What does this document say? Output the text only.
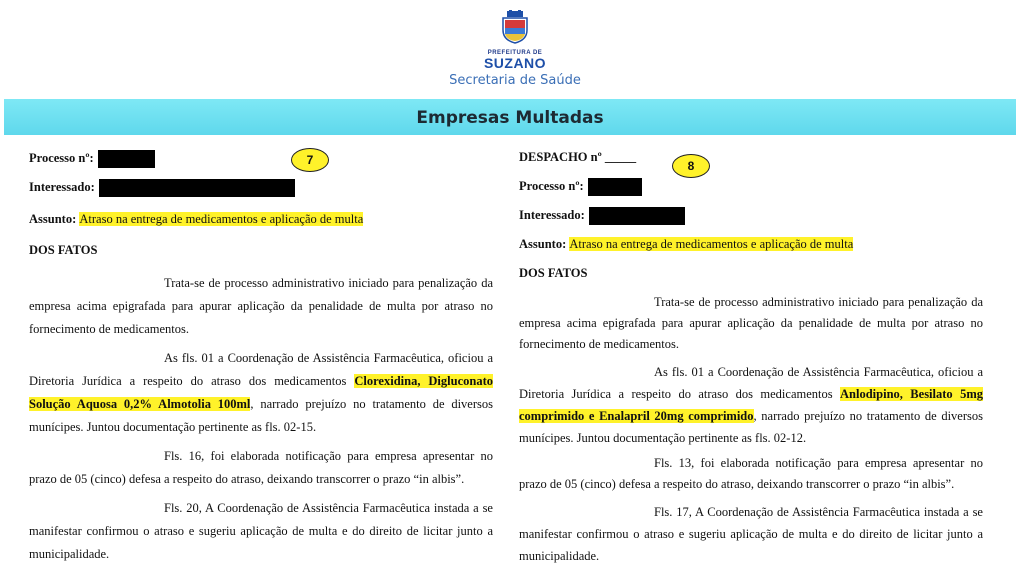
PREFEITURA DE
SUZANO
Secretaria de Saúde
Empresas Multadas
7
Processo nº:
Interessado:
Assunto: Atraso na entrega de medicamentos e aplicação de multa
DOS FATOS
Trata-se de processo administrativo iniciado para penalização da empresa acima epigrafada para apurar aplicação da penalidade de multa por atraso no fornecimento de medicamentos.
As fls. 01 a Coordenação de Assistência Farmacêutica, oficiou a Diretoria Jurídica a respeito do atraso dos medicamentos Clorexidina, Digluconato Solução Aquosa 0,2% Almotolia 100ml, narrado prejuízo no tratamento de diversos munícipes. Juntou documentação pertinente as fls. 02-15.
Fls. 16, foi elaborada notificação para empresa apresentar no prazo de 05 (cinco) defesa a respeito do atraso, deixando transcorrer o prazo “in albis”.
Fls. 20, A Coordenação de Assistência Farmacêutica instada a se manifestar confirmou o atraso e sugeriu aplicação de multa e do direito de licitar junto a municipalidade.
8
DESPACHO nº _____
Processo nº:
Interessado:
Assunto: Atraso na entrega de medicamentos e aplicação de multa
DOS FATOS
Trata-se de processo administrativo iniciado para penalização da empresa acima epigrafada para apurar aplicação da penalidade de multa por atraso no fornecimento de medicamentos.
As fls. 01 a Coordenação de Assistência Farmacêutica, oficiou a Diretoria Jurídica a respeito do atraso dos medicamentos Anlodipino, Besilato 5mg comprimido e Enalapril 20mg comprimido, narrado prejuízo no tratamento de diversos munícipes. Juntou documentação pertinente as fls. 02-12.
Fls. 13, foi elaborada notificação para empresa apresentar no prazo de 05 (cinco) defesa a respeito do atraso, deixando transcorrer o prazo “in albis”.
Fls. 17, A Coordenação de Assistência Farmacêutica instada a se manifestar confirmou o atraso e sugeriu aplicação de multa e do direito de licitar junto a municipalidade.
